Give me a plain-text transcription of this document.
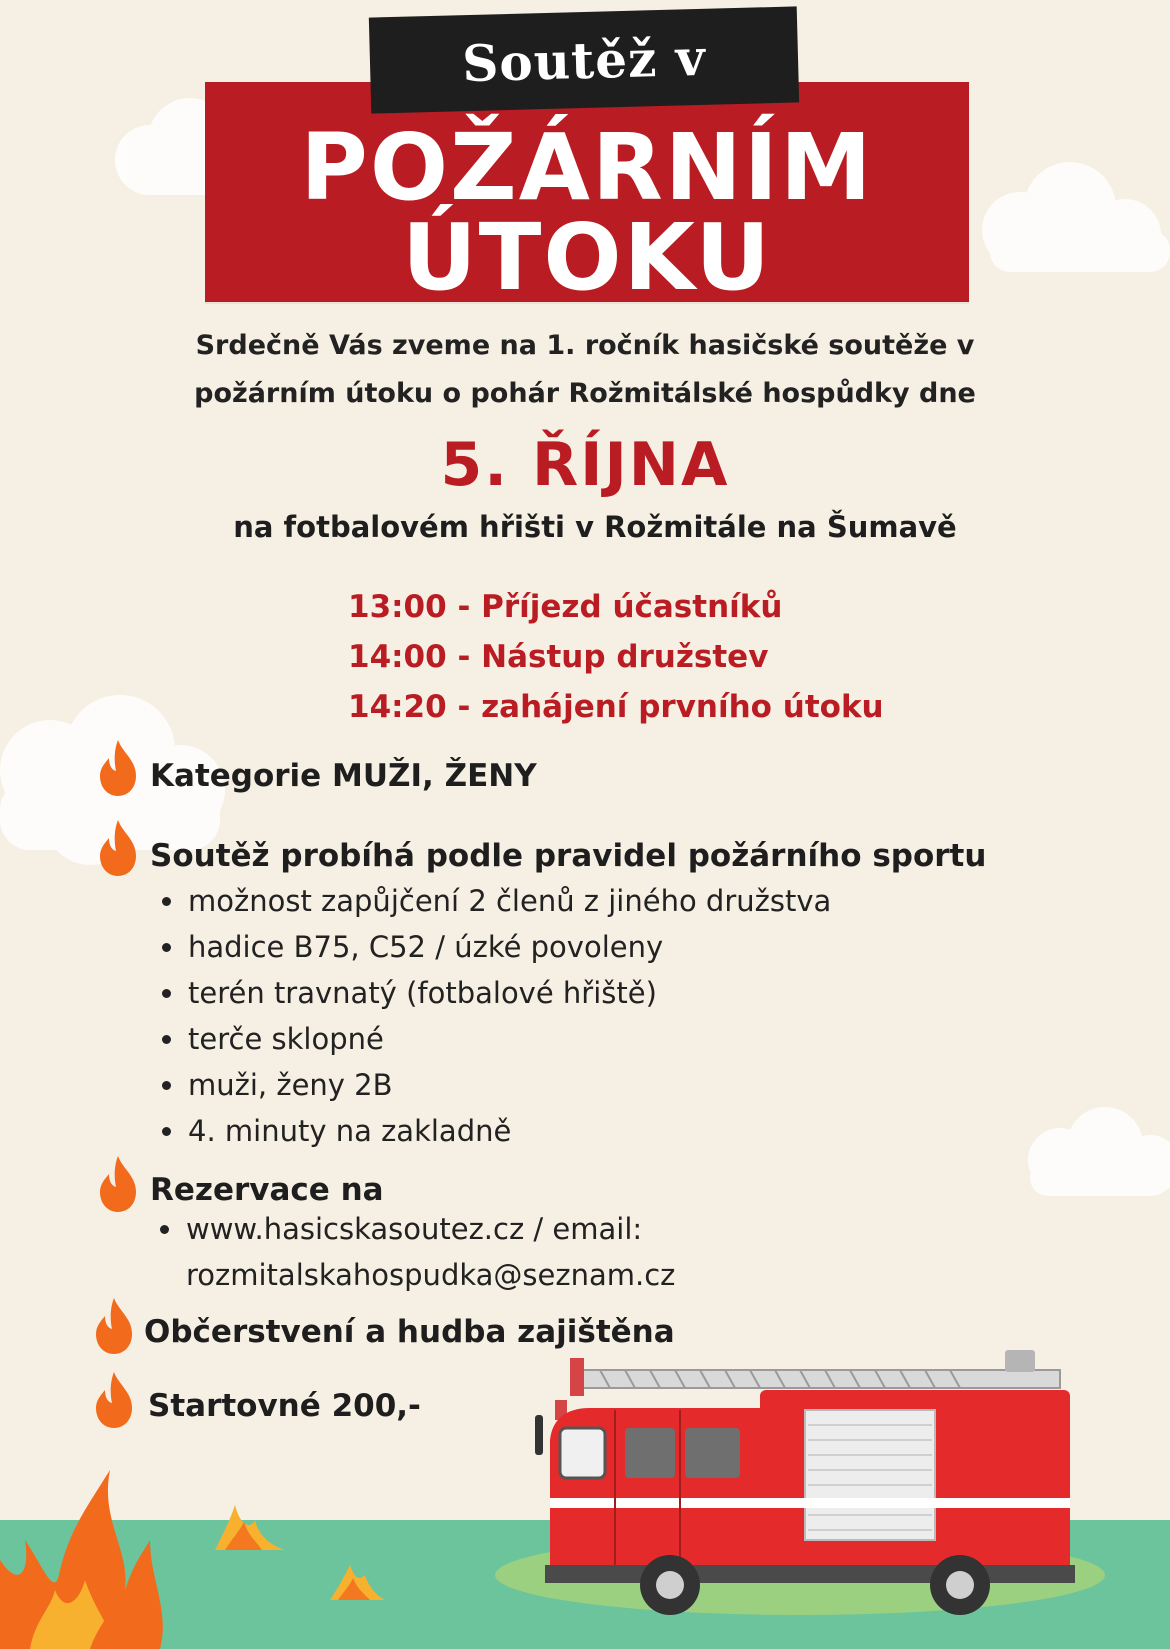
POŽÁRNÍM
ÚTOKU
Soutěž v
Srdečně Vás zveme na 1. ročník hasičské soutěže v
požárním útoku o pohár Rožmitálské hospůdky dne
5. ŘÍJNA
na fotbalovém hřišti v Rožmitále na Šumavě
13:00 - Příjezd účastníků
14:00 - Nástup družstev
14:20 - zahájení prvního útoku
Kategorie MUŽI, ŽENY
Soutěž probíhá podle pravidel požárního sportu
možnost zapůjčení 2 členů z jiného družstva
hadice B75, C52 / úzké povoleny
terén travnatý (fotbalové hřiště)
terče sklopné
muži, ženy 2B
4. minuty na zakladně
Rezervace na
www.hasicskasoutez.cz / email:
rozmitalskahospudka@seznam.cz
Občerstvení a hudba zajištěna
Startovné 200,-
